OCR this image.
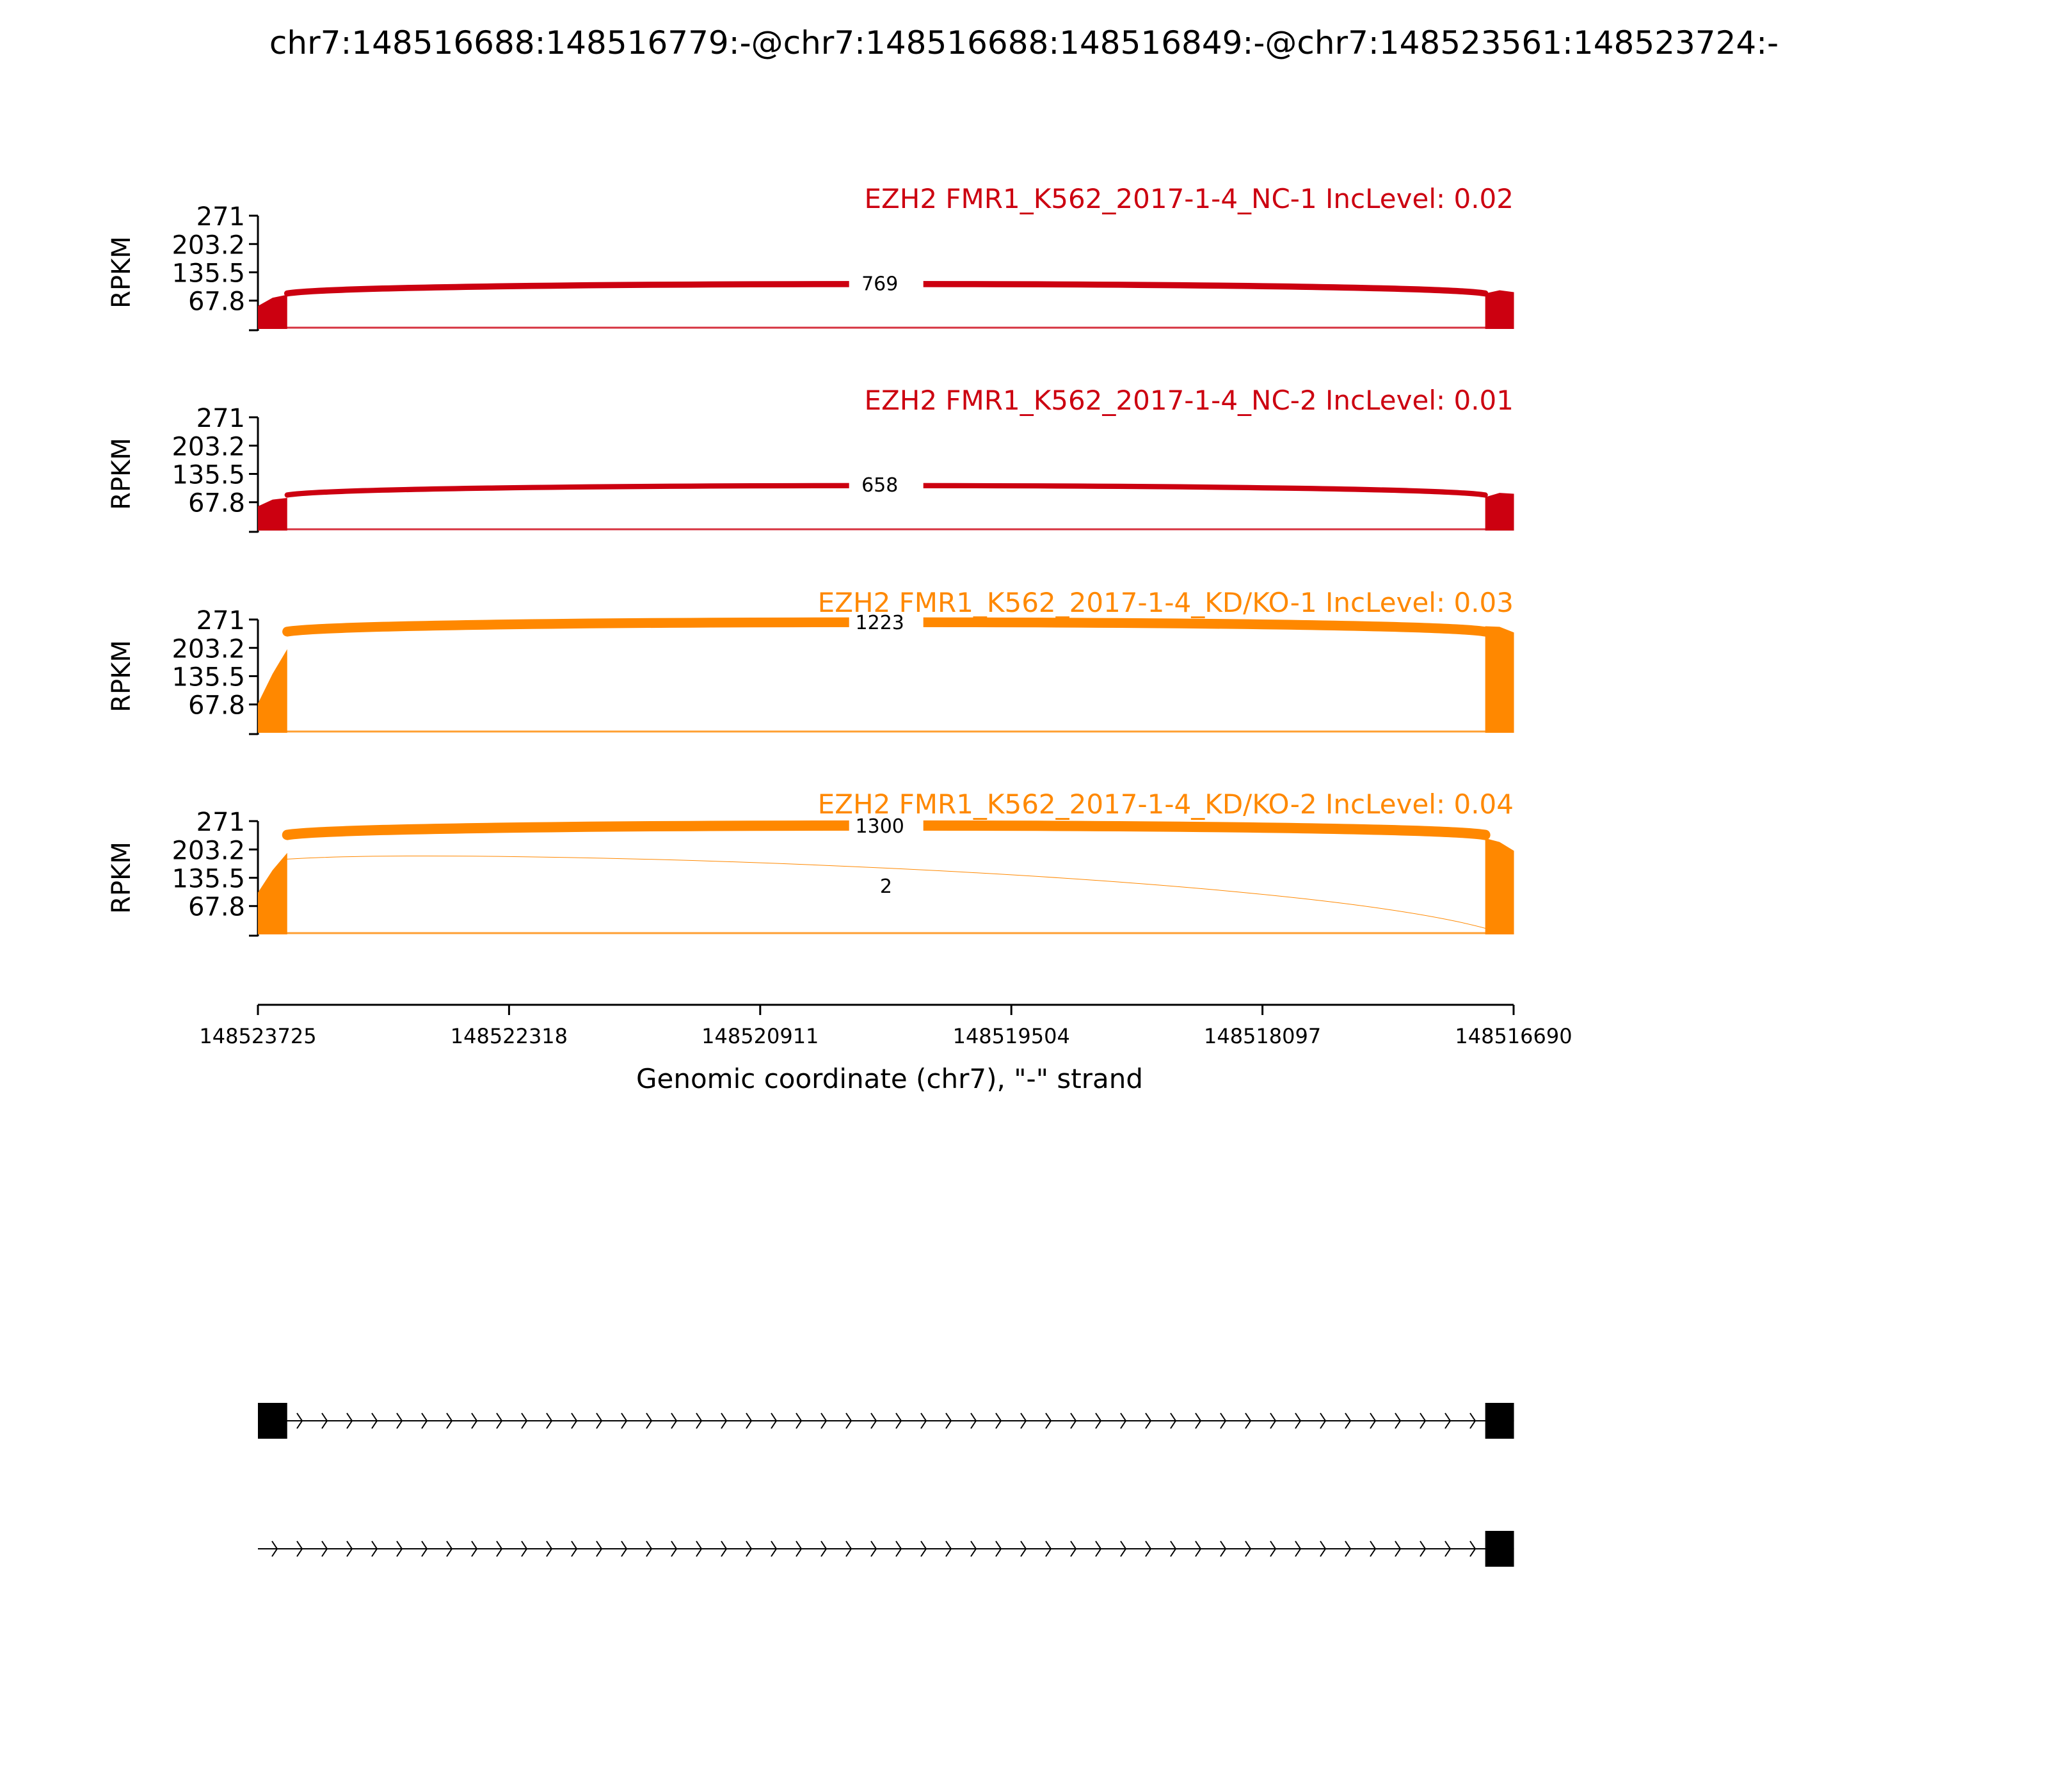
chr7:148516688:148516779:-@chr7:148516688:148516849:-@chr7:148523561:148523724:-
271
203.2
135.5
67.8
RPKM	769
EZH2 FMR1_K562_2017-1-4_NC-1 IncLevel: 0.02
271
203.2
135.5
67.8
RPKM	658
EZH2 FMR1_K562_2017-1-4_NC-2 IncLevel: 0.01
271
203.2
135.5
67.8
RPKM
1223
EZH2 FMR1_K562_2017-1-4_KD/KO-1 IncLevel: 0.03
271
203.2
135.5
67.8
RPKM
1300
2
EZH2 FMR1_K562_2017-1-4_KD/KO-2 IncLevel: 0.04
148523725	148522318	148520911	148519504	148518097	148516690
Genomic coordinate (chr7), "-" strand
